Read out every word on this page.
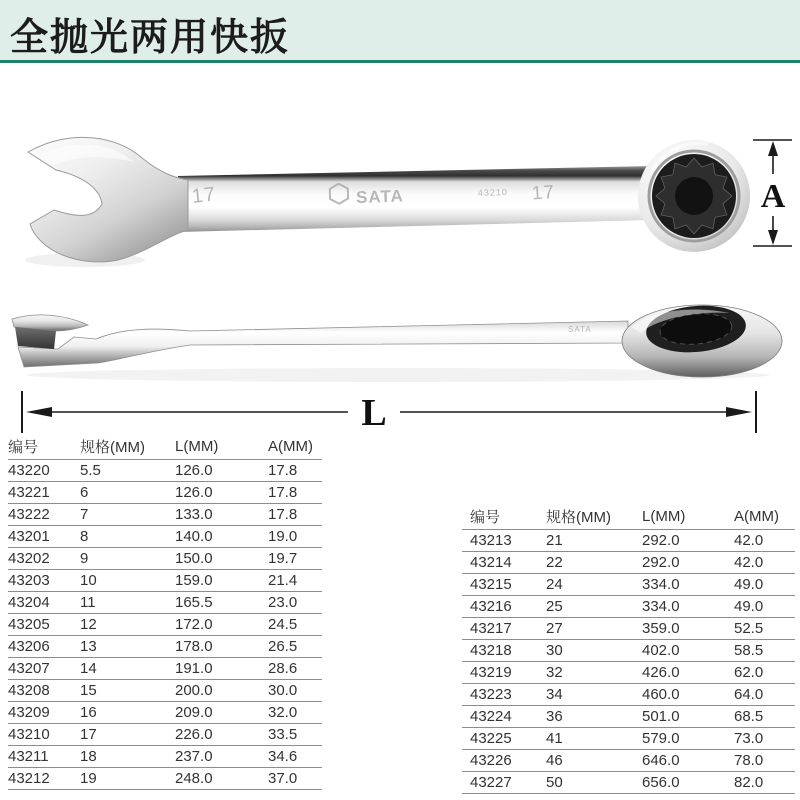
全抛光两用快扳
17	SATA	43210 17	A
SATA
L
编号	规格(MM)	L(MM)	A(MM)
43220	5.5	126.0	17.8
43221	6	126.0	17.8
43222	7	133.0	17.8
43201	8	140.0	19.0
43202	9	150.0	19.7
43203	10	159.0	21.4
43204	11	165.5	23.0
43205	12	172.0	24.5
43206	13	178.0	26.5
43207	14	191.0	28.6
43208	15	200.0	30.0
43209	16	209.0	32.0
43210	17	226.0	33.5
43211	18	237.0	34.6
43212	19	248.0	37.0
编号	规格(MM)	L(MM)	A(MM)
43213	21	292.0	42.0
43214	22	292.0	42.0
43215	24	334.0	49.0
43216	25	334.0	49.0
43217	27	359.0	52.5
43218	30	402.0	58.5
43219	32	426.0	62.0
43223	34	460.0	64.0
43224	36	501.0	68.5
43225	41	579.0	73.0
43226	46	646.0	78.0
43227	50	656.0	82.0
